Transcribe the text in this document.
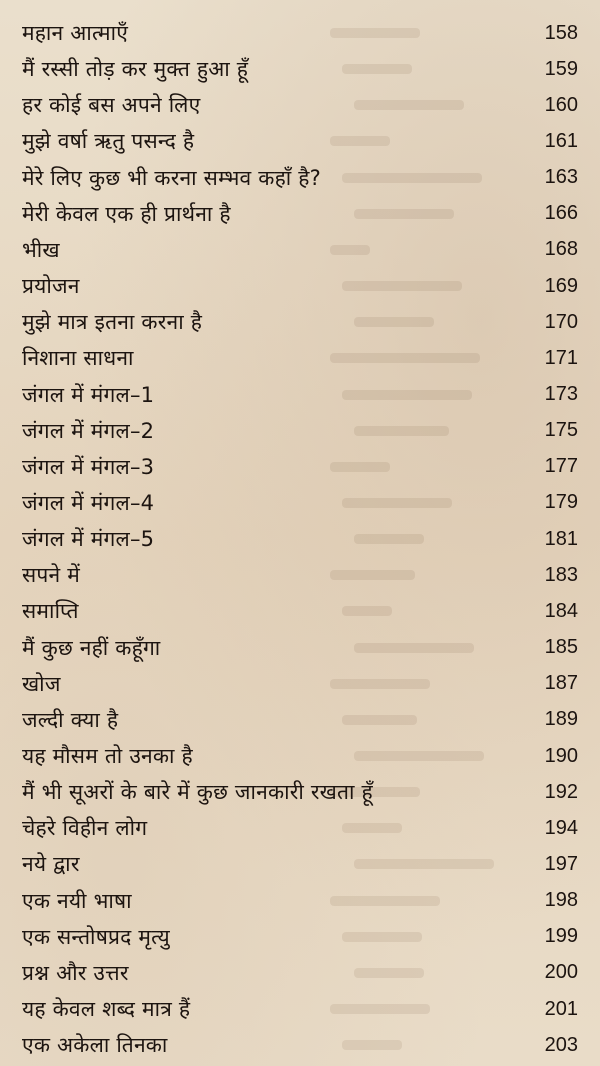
महान आत्माएँ	158
मैं रस्सी तोड़ कर मुक्त हुआ हूँ	159
हर कोई बस अपने लिए	160
मुझे वर्षा ऋतु पसन्द है	161
मेरे लिए कुछ भी करना सम्भव कहाँ है?	163
मेरी केवल एक ही प्रार्थना है	166
भीख	168
प्रयोजन	169
मुझे मात्र इतना करना है	170
निशाना साधना	171
जंगल में मंगल–1	173
जंगल में मंगल–2	175
जंगल में मंगल–3	177
जंगल में मंगल–4	179
जंगल में मंगल–5	181
सपने में	183
समाप्ति	184
मैं कुछ नहीं कहूँगा	185
खोज	187
जल्दी क्या है	189
यह मौसम तो उनका है	190
मैं भी सूअरों के बारे में कुछ जानकारी रखता हूँ	192
चेहरे विहीन लोग	194
नये द्वार	197
एक नयी भाषा	198
एक सन्तोषप्रद मृत्यु	199
प्रश्न और उत्तर	200
यह केवल शब्द मात्र हैं	201
एक अकेला तिनका	203
